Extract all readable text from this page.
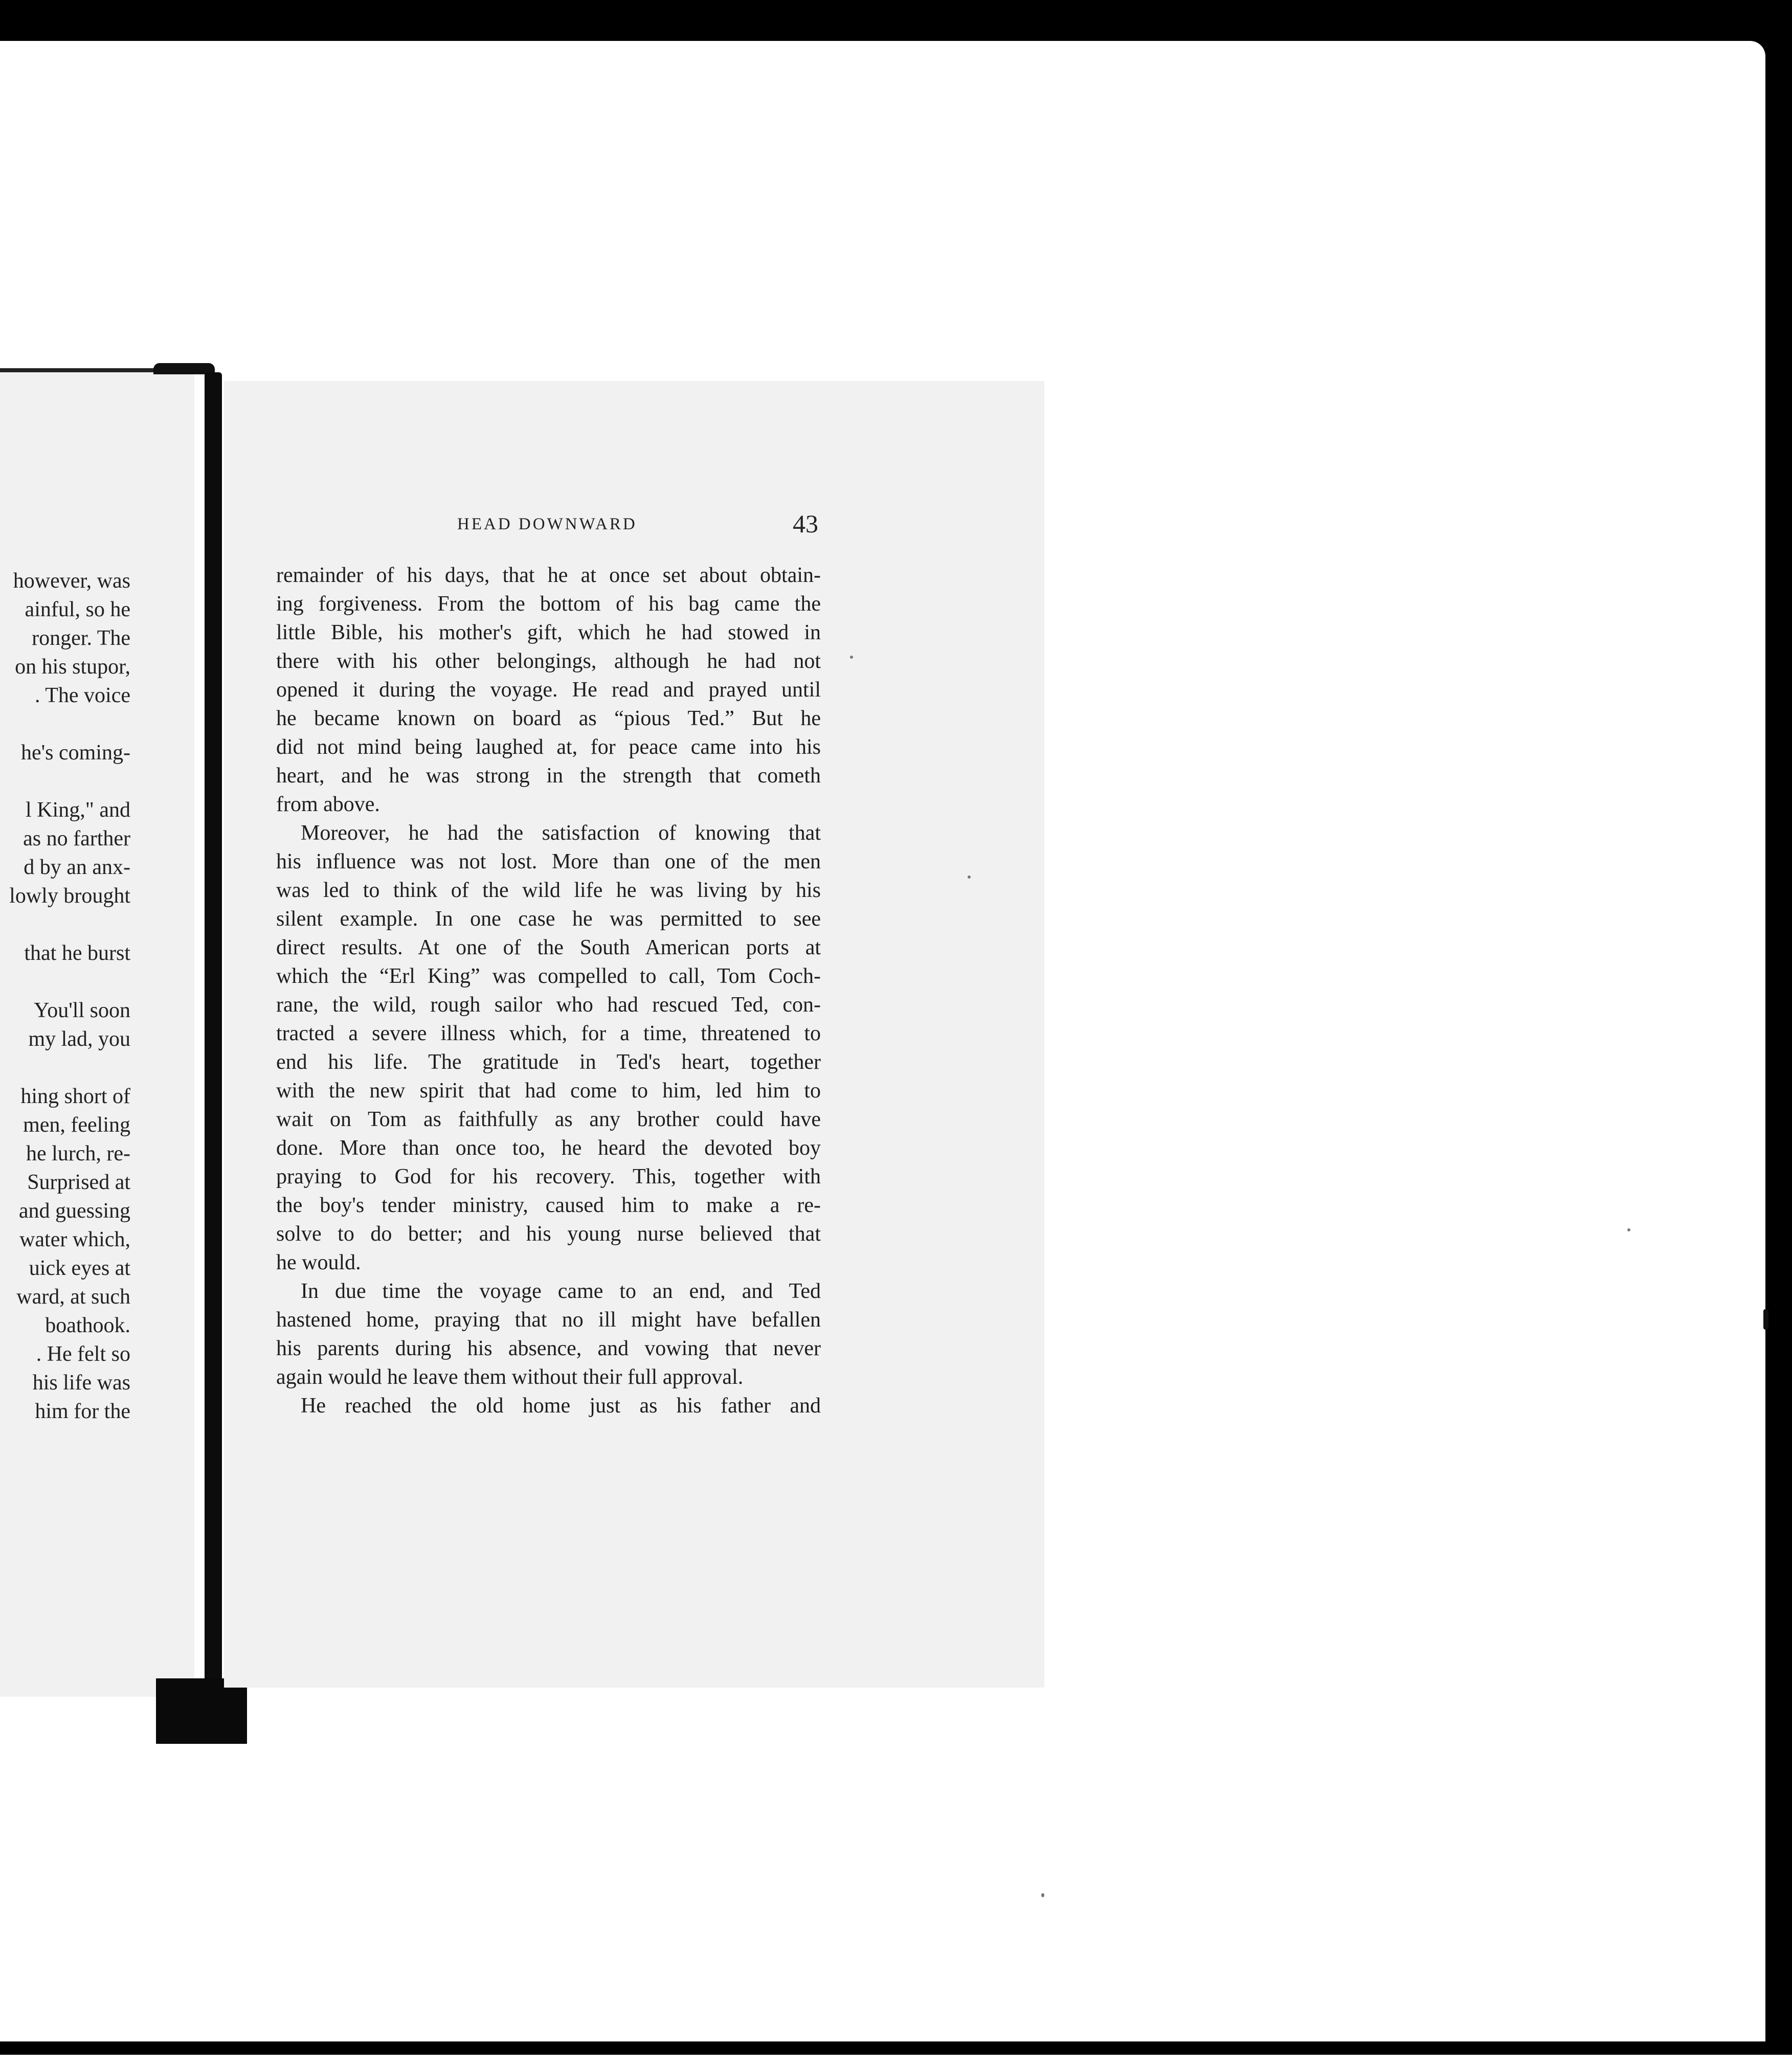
however, was
ainful, so he
ronger. The
on his stupor,
. The voice
he's coming-
l King," and
as no farther
d by an anx-
lowly brought
that he burst
You'll soon
my lad, you
hing short of
men, feeling
he lurch, re-
Surprised at
and guessing
water which,
uick eyes at
ward, at such
boathook.
. He felt so
his life was
him for the
HEAD DOWNWARD	43
remainder of his days, that he at once set about obtain-
ing forgiveness. From the bottom of his bag came the
little Bible, his mother's gift, which he had stowed in
there with his other belongings, although he had not
opened it during the voyage. He read and prayed until
he became known on board as “pious Ted.” But he
did not mind being laughed at, for peace came into his
heart, and he was strong in the strength that cometh
from above.
Moreover, he had the satisfaction of knowing that
his influence was not lost. More than one of the men
was led to think of the wild life he was living by his
silent example. In one case he was permitted to see
direct results. At one of the South American ports at
which the “Erl King” was compelled to call, Tom Coch-
rane, the wild, rough sailor who had rescued Ted, con-
tracted a severe illness which, for a time, threatened to
end his life. The gratitude in Ted's heart, together
with the new spirit that had come to him, led him to
wait on Tom as faithfully as any brother could have
done. More than once too, he heard the devoted boy
praying to God for his recovery. This, together with
the boy's tender ministry, caused him to make a re-
solve to do better; and his young nurse believed that
he would.
In due time the voyage came to an end, and Ted
hastened home, praying that no ill might have befallen
his parents during his absence, and vowing that never
again would he leave them without their full approval.
He reached the old home just as his father and
